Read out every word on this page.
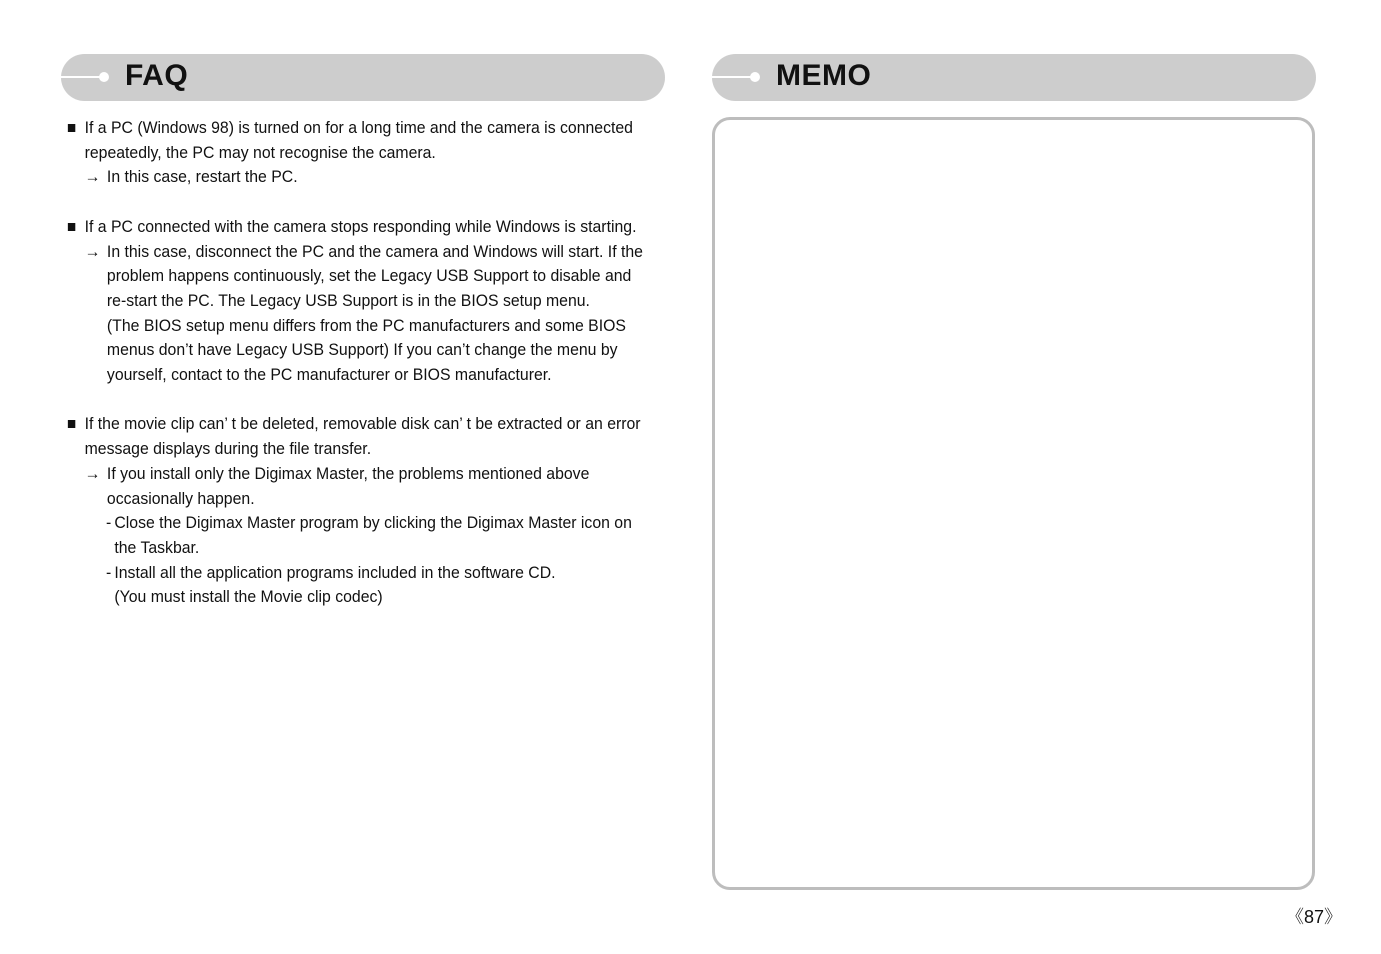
FAQ	MEMO
If a PC (Windows 98) is turned on for a long time and the camera is connected
repeatedly, the PC may not recognise the camera.
→ In this case, restart the PC.
If a PC connected with the camera stops responding while Windows is starting.
→ In this case, disconnect the PC and the camera and Windows will start. If the
problem happens continuously, set the Legacy USB Support to disable and
re-start the PC. The Legacy USB Support is in the BIOS setup menu.
(The BIOS setup menu differs from the PC manufacturers and some BIOS
menus don’t have Legacy USB Support) If you can’t change the menu by
yourself, contact to the PC manufacturer or BIOS manufacturer.
If the movie clip can’ t be deleted, removable disk can’ t be extracted or an error
message displays during the file transfer.
→ If you install only the Digimax Master, the problems mentioned above
occasionally happen.
- Close the Digimax Master program by clicking the Digimax Master icon on
the Taskbar.
- Install all the application programs included in the software CD.
(You must install the Movie clip codec)
《87》
